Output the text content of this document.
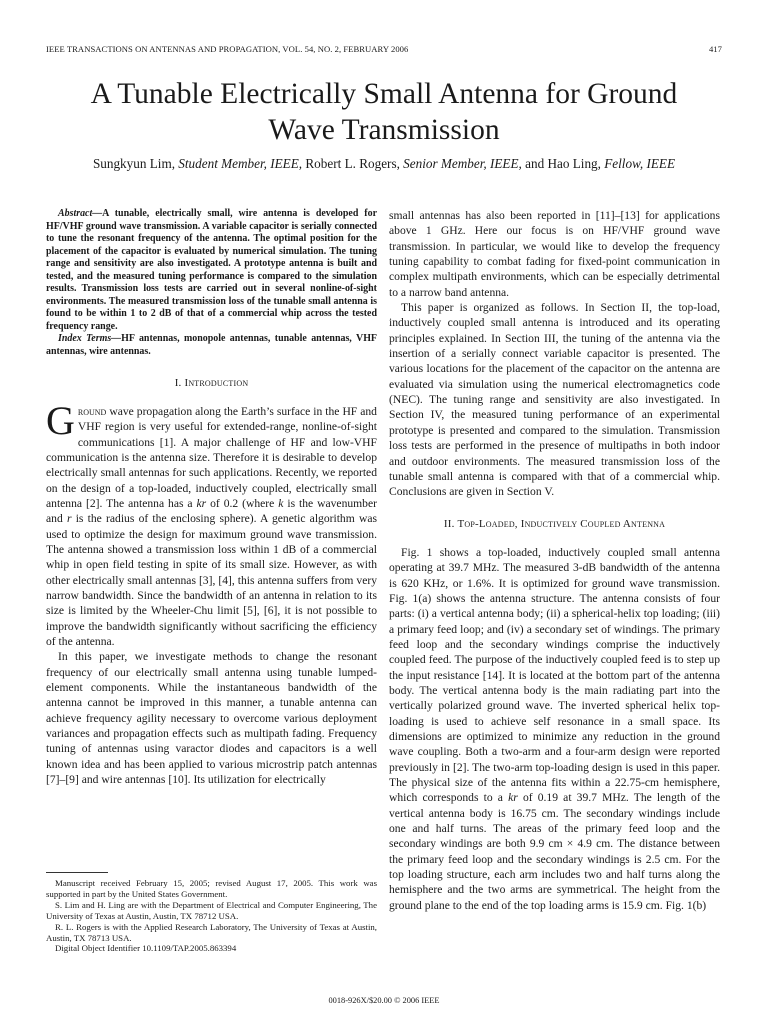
IEEE TRANSACTIONS ON ANTENNAS AND PROPAGATION, VOL. 54, NO. 2, FEBRUARY 2006	417
A Tunable Electrically Small Antenna for Ground
Wave Transmission
Sungkyun Lim, Student Member, IEEE, Robert L. Rogers, Senior Member, IEEE, and Hao Ling, Fellow, IEEE

Abstract—A tunable, electrically small, wire antenna is developed for HF/VHF ground wave transmission. A variable capacitor is serially connected to tune the resonant frequency of the antenna. The optimal position for the placement of the capacitor is evaluated by numerical simulation. The tuning range and sensitivity are also investigated. A prototype antenna is built and tested, and the measured tuning performance is compared to the simulation results. Transmission loss tests are carried out in several nonline-of-sight environments. The measured transmission loss of the tunable small antenna is found to be within 1 to 2 dB of that of a commercial whip across the tested frequency range.

Index Terms—HF antennas, monopole antennas, tunable antennas, VHF antennas, wire antennas.

I. Introduction

Ground wave propagation along the Earth’s surface in the HF and VHF region is very useful for extended-range, nonline-of-sight communications [1]. A major challenge of HF and low-VHF communication is the antenna size. Therefore it is desirable to develop electrically small antennas for such applications. Recently, we reported on the design of a top-loaded, inductively coupled, electrically small antenna [2]. The antenna has a kr of 0.2 (where k is the wavenumber and r is the radius of the enclosing sphere). A genetic algorithm was used to optimize the design for maximum ground wave transmission. The antenna showed a transmission loss within 1 dB of a commercial whip in open field testing in spite of its small size. However, as with other electrically small antennas [3], [4], this antenna suffers from very narrow bandwidth. Since the bandwidth of an antenna in relation to its size is limited by the Wheeler-Chu limit [5], [6], it is not possible to improve the bandwidth significantly without sacrificing the efficiency of the antenna.

In this paper, we investigate methods to change the resonant frequency of our electrically small antenna using tunable lumped-element components. While the instantaneous bandwidth of the antenna cannot be improved in this manner, a tunable antenna can achieve frequency agility necessary to overcome various deployment variances and propagation effects such as multipath fading. Frequency tuning of antennas using varactor diodes and capacitors is a well known idea and has been applied to various microstrip patch antennas [7]–[9] and wire antennas [10]. Its utilization for electrically

Manuscript received February 15, 2005; revised August 17, 2005. This work was supported in part by the United States Government.

S. Lim and H. Ling are with the Department of Electrical and Computer Engineering, The University of Texas at Austin, Austin, TX 78712 USA.

R. L. Rogers is with the Applied Research Laboratory, The University of Texas at Austin, Austin, TX 78713 USA.

Digital Object Identifier 10.1109/TAP.2005.863394

small antennas has also been reported in [11]–[13] for applications above 1 GHz. Here our focus is on HF/VHF ground wave transmission. In particular, we would like to develop the frequency tuning capability to combat fading for fixed-point communication in complex multipath environments, which can be especially detrimental to a narrow band antenna.

This paper is organized as follows. In Section II, the top-load, inductively coupled small antenna is introduced and its operating principles explained. In Section III, the tuning of the antenna via the insertion of a serially connect variable capacitor is presented. The various locations for the placement of the capacitor on the antenna are evaluated via simulation using the numerical electromagnetics code (NEC). The tuning range and sensitivity are also investigated. In Section IV, the measured tuning performance of an experimental prototype is presented and compared to the simulation. Transmission loss tests are performed in the presence of multipaths in both indoor and outdoor environments. The measured transmission loss of the tunable small antenna is compared with that of a commercial whip. Conclusions are given in Section V.

II. Top-Loaded, Inductively Coupled Antenna

Fig. 1 shows a top-loaded, inductively coupled small antenna operating at 39.7 MHz. The measured 3-dB bandwidth of the antenna is 620 KHz, or 1.6%. It is optimized for ground wave transmission. Fig. 1(a) shows the antenna structure. The antenna consists of four parts: (i) a vertical antenna body; (ii) a spherical-helix top loading; (iii) a primary feed loop; and (iv) a secondary set of windings. The primary feed loop and the secondary windings comprise the inductively coupled feed. The purpose of the inductively coupled feed is to step up the input resistance [14]. It is located at the bottom part of the antenna body. The vertical antenna body is the main radiating part into the vertically polarized ground wave. The inverted spherical helix top-loading is used to achieve self resonance in a small space. Its dimensions are optimized to minimize any reduction in the ground wave coupling. Both a two-arm and a four-arm design were reported previously in [2]. The two-arm top-loading design is used in this paper. The physical size of the antenna fits within a 22.75-cm hemisphere, which corresponds to a kr of 0.19 at 39.7 MHz. The length of the vertical antenna body is 16.75 cm. The secondary windings include one and half turns. The areas of the primary feed loop and the secondary windings are both 9.9 cm × 4.9 cm. The distance between the primary feed loop and the secondary windings is 2.5 cm. For the top loading structure, each arm includes two and half turns along the hemisphere and the two arms are symmetrical. The height from the ground plane to the end of the top loading arms is 15.9 cm. Fig. 1(b)

0018-926X/$20.00 © 2006 IEEE
